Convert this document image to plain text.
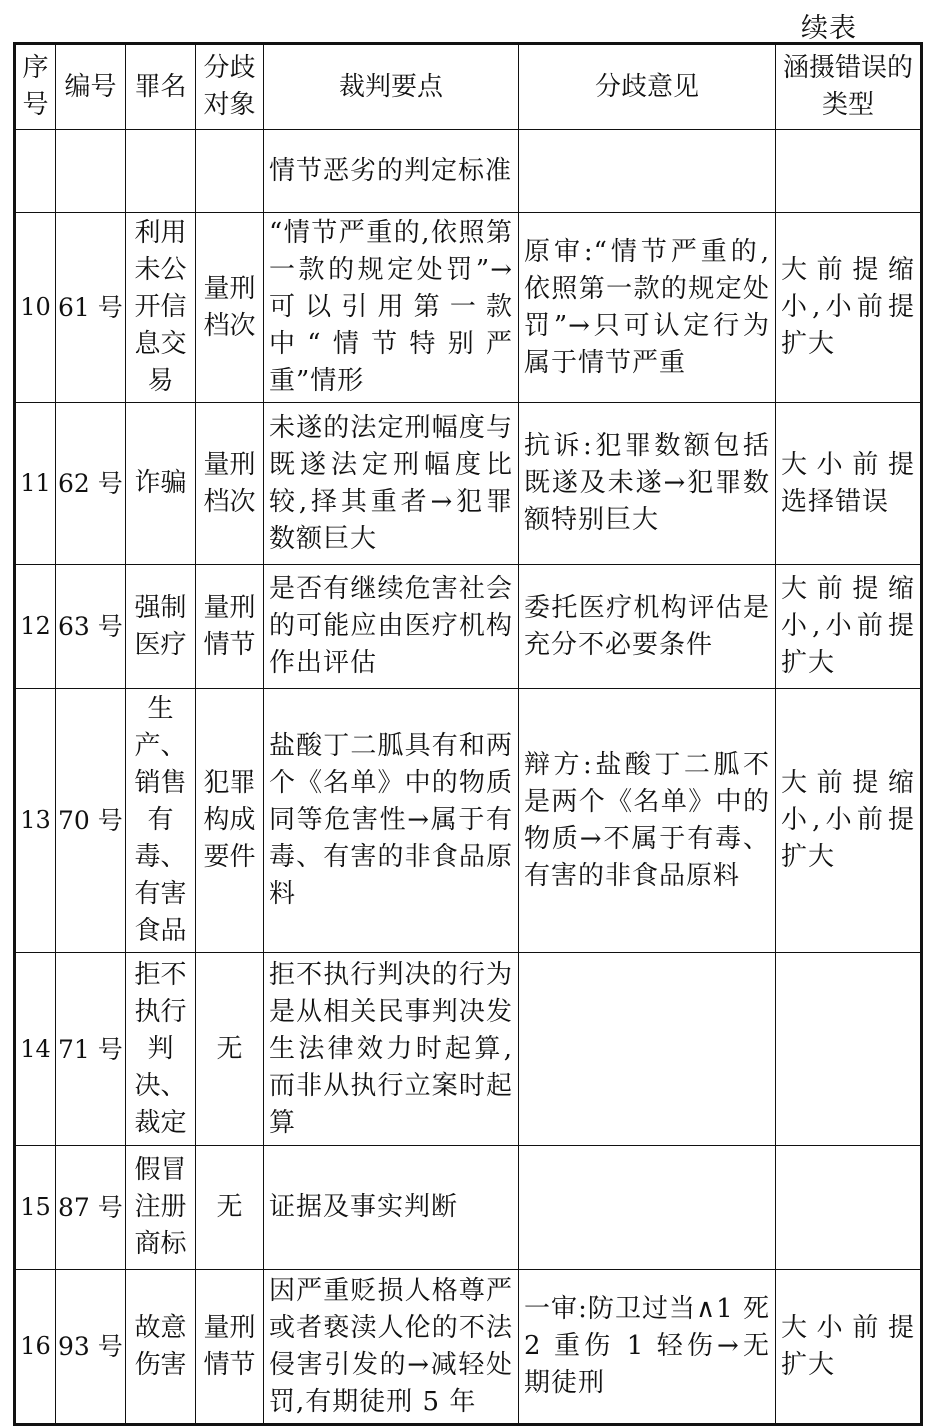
续表
序号	编号	罪名	分歧对象	裁判要点	分歧意见	涵摄错误的类型
				情节恶劣的判定标准		
10	61 号	利用未公开信息交易	量刑档次	“情节严重的,依照第一款的规定处罚”→可以引用第一款中“情节特别严重”情形	原审:“情节严重的,依照第一款的规定处罚”→只可认定行为属于情节严重	大前提缩小,小前提扩大
11	62 号	诈骗	量刑档次	未遂的法定刑幅度与既遂法定刑幅度比较,择其重者→犯罪数额巨大	抗诉:犯罪数额包括既遂及未遂→犯罪数额特别巨大	大小前提选择错误
12	63 号	强制医疗	量刑情节	是否有继续危害社会的可能应由医疗机构作出评估	委托医疗机构评估是充分不必要条件	大前提缩小,小前提扩大
13	70 号	生产、销售有毒、有害食品	犯罪构成要件	盐酸丁二胍具有和两个《名单》中的物质同等危害性→属于有毒、有害的非食品原料	辩方:盐酸丁二胍不是两个《名单》中的物质→不属于有毒、有害的非食品原料	大前提缩小,小前提扩大
14	71 号	拒不执行判决、裁定	无	拒不执行判决的行为是从相关民事判决发生法律效力时起算,而非从执行立案时起算		
15	87 号	假冒注册商标	无	证据及事实判断		
16	93 号	故意伤害	量刑情节	因严重贬损人格尊严或者亵渎人伦的不法侵害引发的→减轻处罚,有期徒刑 5 年	一审:防卫过当∧1 死 2 重伤 1 轻伤→无期徒刑	大小前提扩大
